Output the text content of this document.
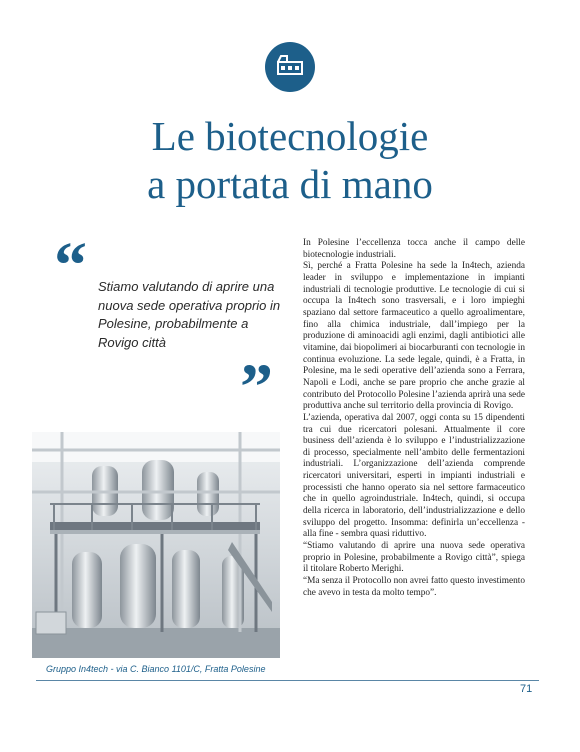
Le biotecnologie
a portata di mano
“ Stiamo valutando di aprire una nuova sede operativa proprio in Polesine, probabilmente a Rovigo città
”
Gruppo In4tech - via C. Bianco 1101/C, Fratta Polesine

In Polesine l’eccellenza tocca anche il campo delle biotecnologie industriali.

Sì, perché a Fratta Polesine ha sede la In4tech, azienda leader in sviluppo e implementazione in impianti industriali di tecnologie produttive. Le tecnologie di cui si occupa la In4tech sono trasversali, e i loro impieghi spaziano dal settore farmaceutico a quello agroalimentare, fino alla chimica industriale, dall’impiego per la produzione di aminoacidi agli enzimi, dagli antibiotici alle vitamine, dai biopolimeri ai biocarburanti con tecnologie in continua evoluzione. La sede legale, quindi, è a Fratta, in Polesine, ma le sedi operative dell’azienda sono a Ferrara, Napoli e Lodi, anche se pare proprio che anche grazie al contributo del Protocollo Polesine l’azienda aprirà una sede produttiva anche sul territorio della provincia di Rovigo.

L’azienda, operativa dal 2007, oggi conta su 15 dipendenti tra cui due ricercatori polesani. Attualmente il core business dell’azienda è lo sviluppo e l’industrializzazione di processo, specialmente nell’ambito delle fermentazioni industriali. L’organizzazione dell’azienda comprende ricercatori universitari, esperti in impianti industriali e processisti che hanno operato sia nel settore farmaceutico che in quello agroindustriale. In4tech, quindi, si occupa della ricerca in laboratorio, dell’industrializzazione e dello sviluppo del progetto. Insomma: definirla un’eccellenza - alla fine - sembra quasi riduttivo.

“Stiamo valutando di aprire una nuova sede operativa proprio in Polesine, probabilmente a Rovigo città”, spiega il titolare Roberto Merighi.

“Ma senza il Protocollo non avrei fatto questo investimento che avevo in testa da molto tempo”.

71
